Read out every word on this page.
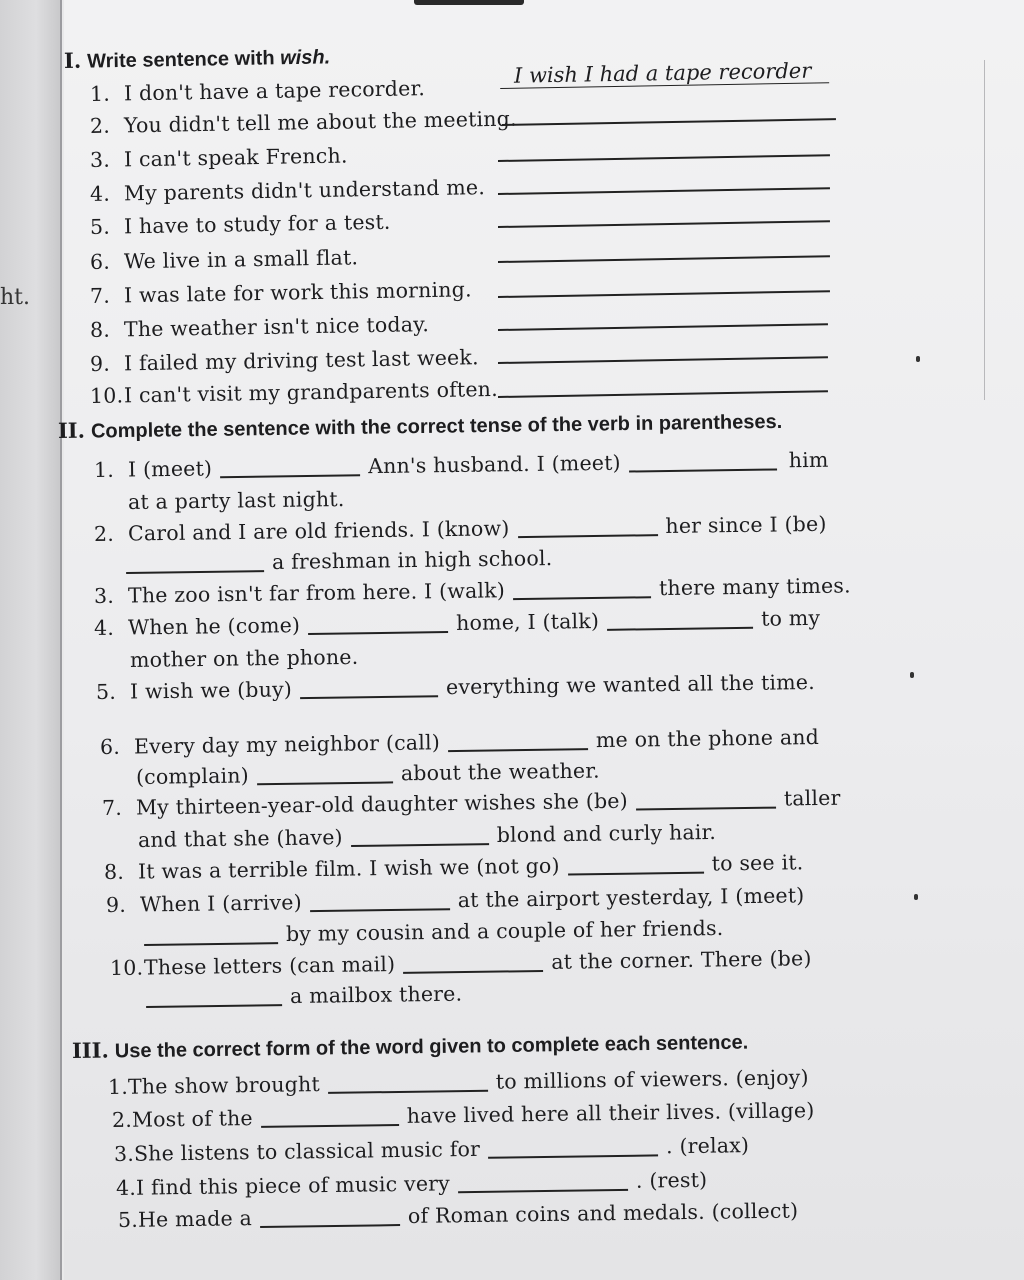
ht.
I. Write sentence with wish.
1. I don't have a tape recorder.
I wish I had a tape recorder
2. You didn't tell me about the meeting.
3. I can't speak French.
4. My parents didn't understand me.
5. I have to study for a test.
6. We live in a small flat.
7. I was late for work this morning.
8. The weather isn't nice today.
9. I failed my driving test last week.
10.I can't visit my grandparents often.
II. Complete the sentence with the correct tense of the verb in parentheses.
1. I (meet)	Ann's husband. I (meet)	him
at a party last night.
2. Carol and I are old friends. I (know)	her since I (be)
a freshman in high school.
3. The zoo isn't far from here. I (walk)	there many times.
4. When he (come)	home, I (talk)	to my
mother on the phone.
5. I wish we (buy)	everything we wanted all the time.
6. Every day my neighbor (call)	me on the phone and
(complain)	about the weather.
7. My thirteen-year-old daughter wishes she (be)	taller
and that she (have)	blond and curly hair.
8. It was a terrible film. I wish we (not go)	to see it.
9. When I (arrive)	at the airport yesterday, I (meet)
by my cousin and a couple of her friends.
10.These letters (can mail)	at the corner. There (be)
a mailbox there.
III. Use the correct form of the word given to complete each sentence.
1.The show brought	to millions of viewers. (enjoy)
2.Most of the	have lived here all their lives. (village)
3.She listens to classical music for	. (relax)
4.I find this piece of music very	. (rest)
5.He made a	of Roman coins and medals. (collect)
